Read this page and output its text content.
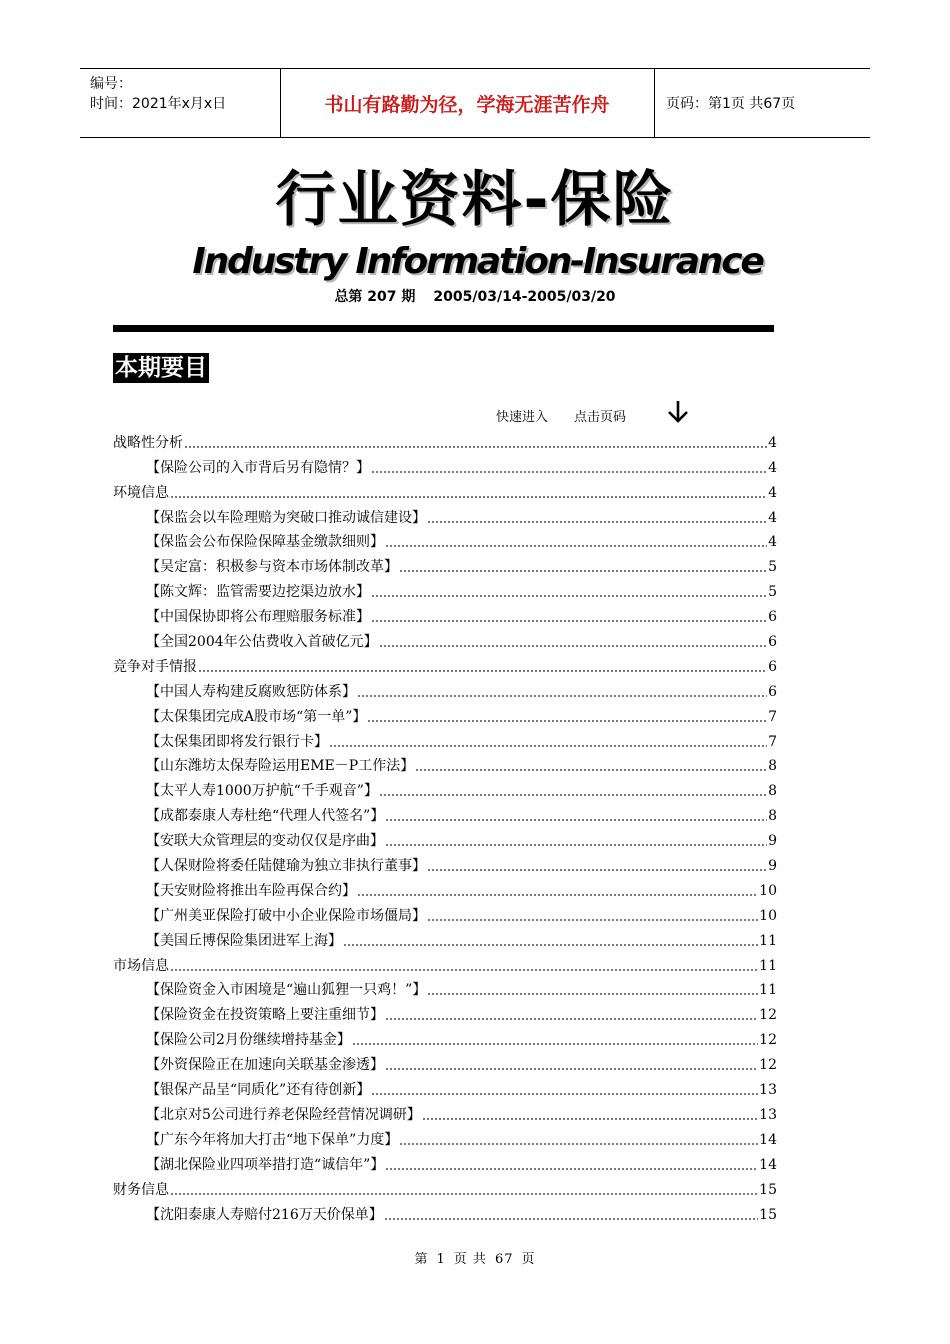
编号：
时间：2021年x月x日	书山有路勤为径，学海无涯苦作舟	页码：第1页 共67页
行业资料-保险
Industry Information-Insurance
总第 207 期 2005/03/14-2005/03/20
本期要目
快速进入 点击页码
战略性分析	4
【保险公司的入市背后另有隐情？】	4
环境信息	4
【保监会以车险理赔为突破口推动诚信建设】	4
【保监会公布保险保障基金缴款细则】	4
【吴定富：积极参与资本市场体制改革】	5
【陈文辉：监管需要边挖渠边放水】	5
【中国保协即将公布理赔服务标准】	6
【全国2004年公估费收入首破亿元】	6
竞争对手情报	6
【中国人寿构建反腐败惩防体系】	6
【太保集团完成A股市场“第一单”】	7
【太保集团即将发行银行卡】	7
【山东潍坊太保寿险运用EME－P工作法】	8
【太平人寿1000万护航“千手观音”】	8
【成都泰康人寿杜绝“代理人代签名”】	8
【安联大众管理层的变动仅仅是序曲】	9
【人保财险将委任陆健瑜为独立非执行董事】	9
【天安财险将推出车险再保合约】	10
【广州美亚保险打破中小企业保险市场僵局】	10
【美国丘博保险集团进军上海】	11
市场信息	11
【保险资金入市困境是“遍山狐狸一只鸡！”】	11
【保险资金在投资策略上要注重细节】	12
【保险公司2月份继续增持基金】	12
【外资保险正在加速向关联基金渗透】	12
【银保产品呈“同质化”还有待创新】	13
【北京对5公司进行养老保险经营情况调研】	13
【广东今年将加大打击“地下保单”力度】	14
【湖北保险业四项举措打造“诚信年”】	14
财务信息	15
【沈阳泰康人寿赔付216万天价保单】	15
第 1 页 共 67 页
